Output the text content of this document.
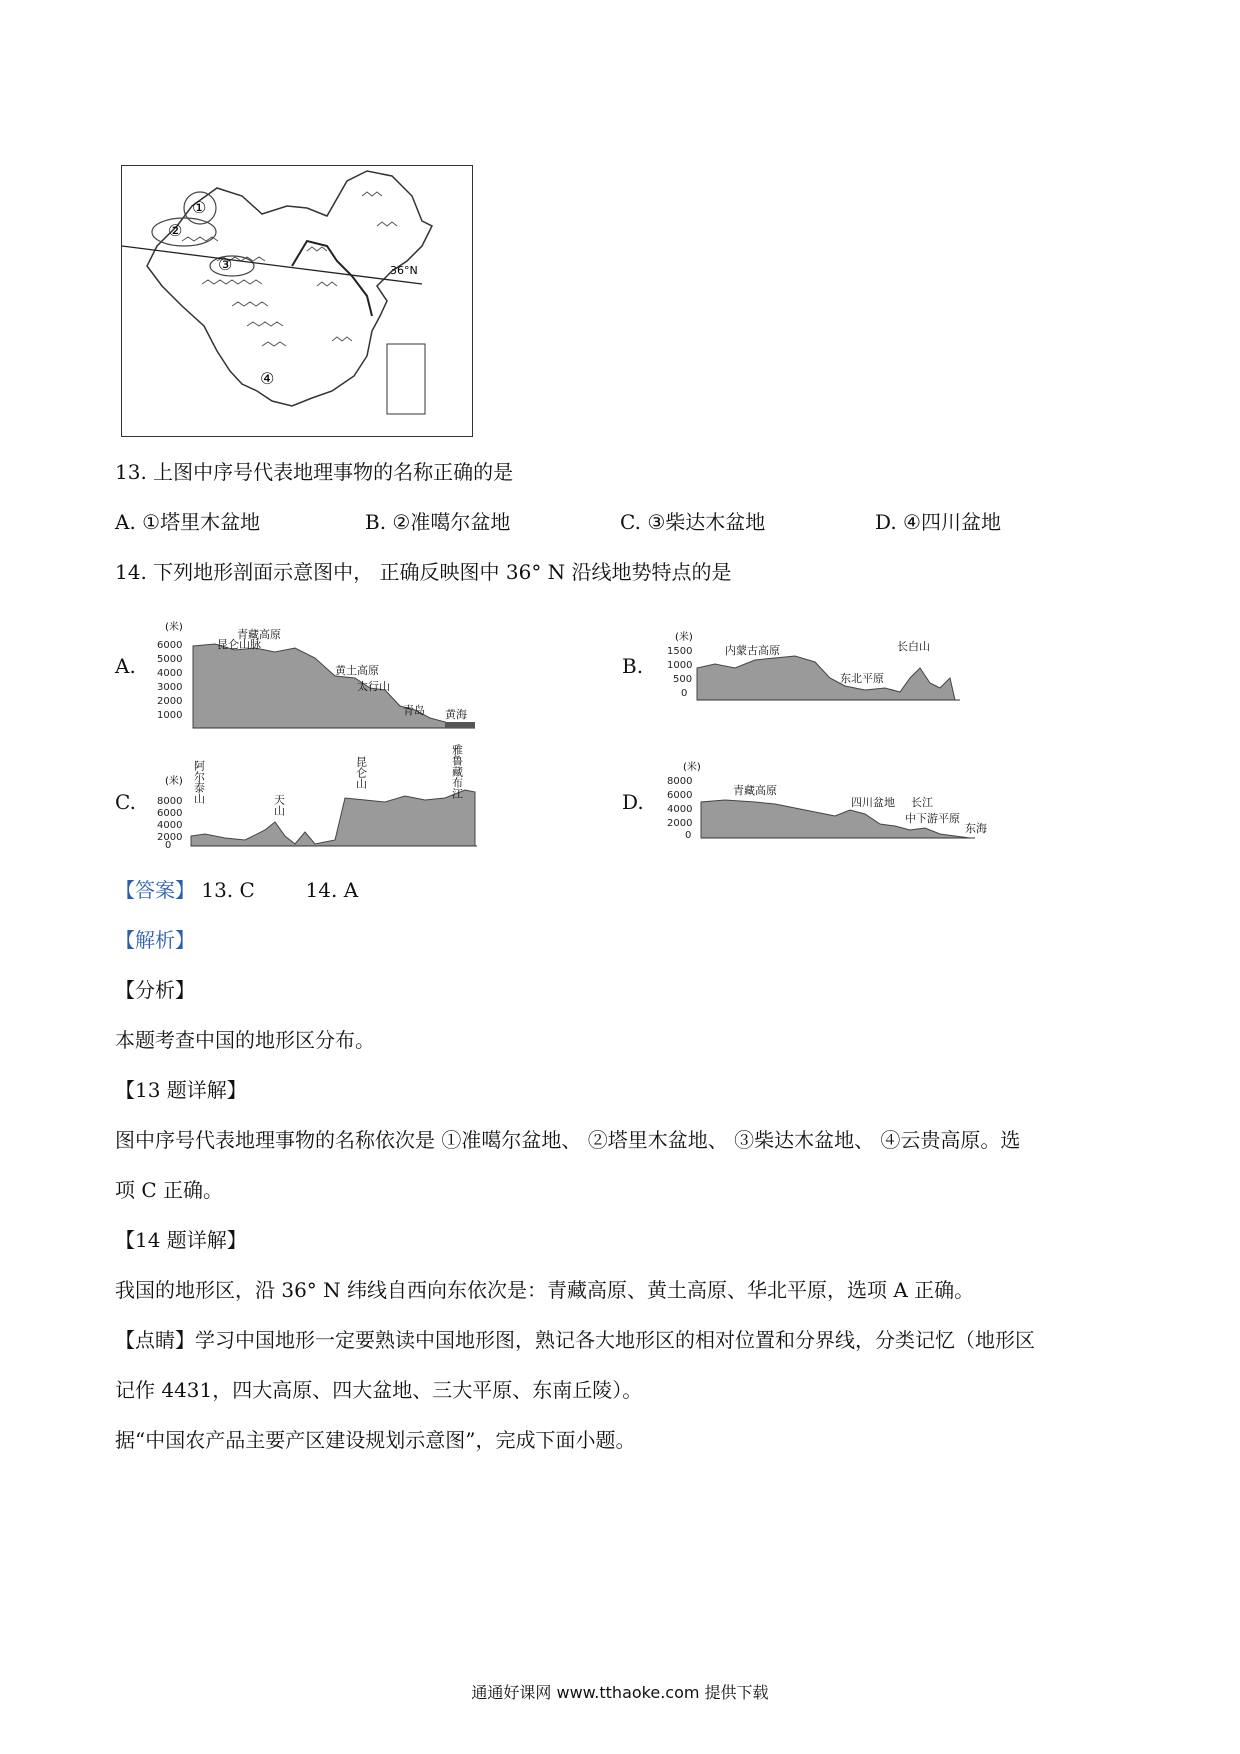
①
②
③
④
36°N
13. 上图中序号代表地理事物的名称正确的是
A. ①塔里木盆地	B. ②准噶尔盆地	C. ③柴达木盆地	D. ④四川盆地
14. 下列地形剖面示意图中， 正确反映图中 36° N 沿线地势特点的是
A.
(米)
6000
5000
4000
3000
2000
1000
青藏高原
昆仑山脉
黄土高原
太行山
青岛 黄海
B.
(米)
1500
1000
500
0
内蒙古高原
东北平原
长白山
C.
(米)
8000
6000
4000
2000
0
阿尔泰山
天山
昆仑山	雅鲁藏布江
D.
(米)
8000
6000
4000
2000
0
青藏高原
四川盆地 长江
中下游平原
东海
【答案】 13. C	14. A
【解析】
【分析】
本题考查中国的地形区分布。
【13 题详解】
图中序号代表地理事物的名称依次是 ①准噶尔盆地、 ②塔里木盆地、 ③柴达木盆地、 ④云贵高原。选
项 C 正确。
【14 题详解】
我国的地形区，沿 36° N 纬线自西向东依次是：青藏高原、黄土高原、华北平原，选项 A 正确。
【点睛】学习中国地形一定要熟读中国地形图，熟记各大地形区的相对位置和分界线，分类记忆（地形区
记作 4431，四大高原、四大盆地、三大平原、东南丘陵）。
据“中国农产品主要产区建设规划示意图”，完成下面小题。
通通好课网 www.tthaoke.com 提供下载
